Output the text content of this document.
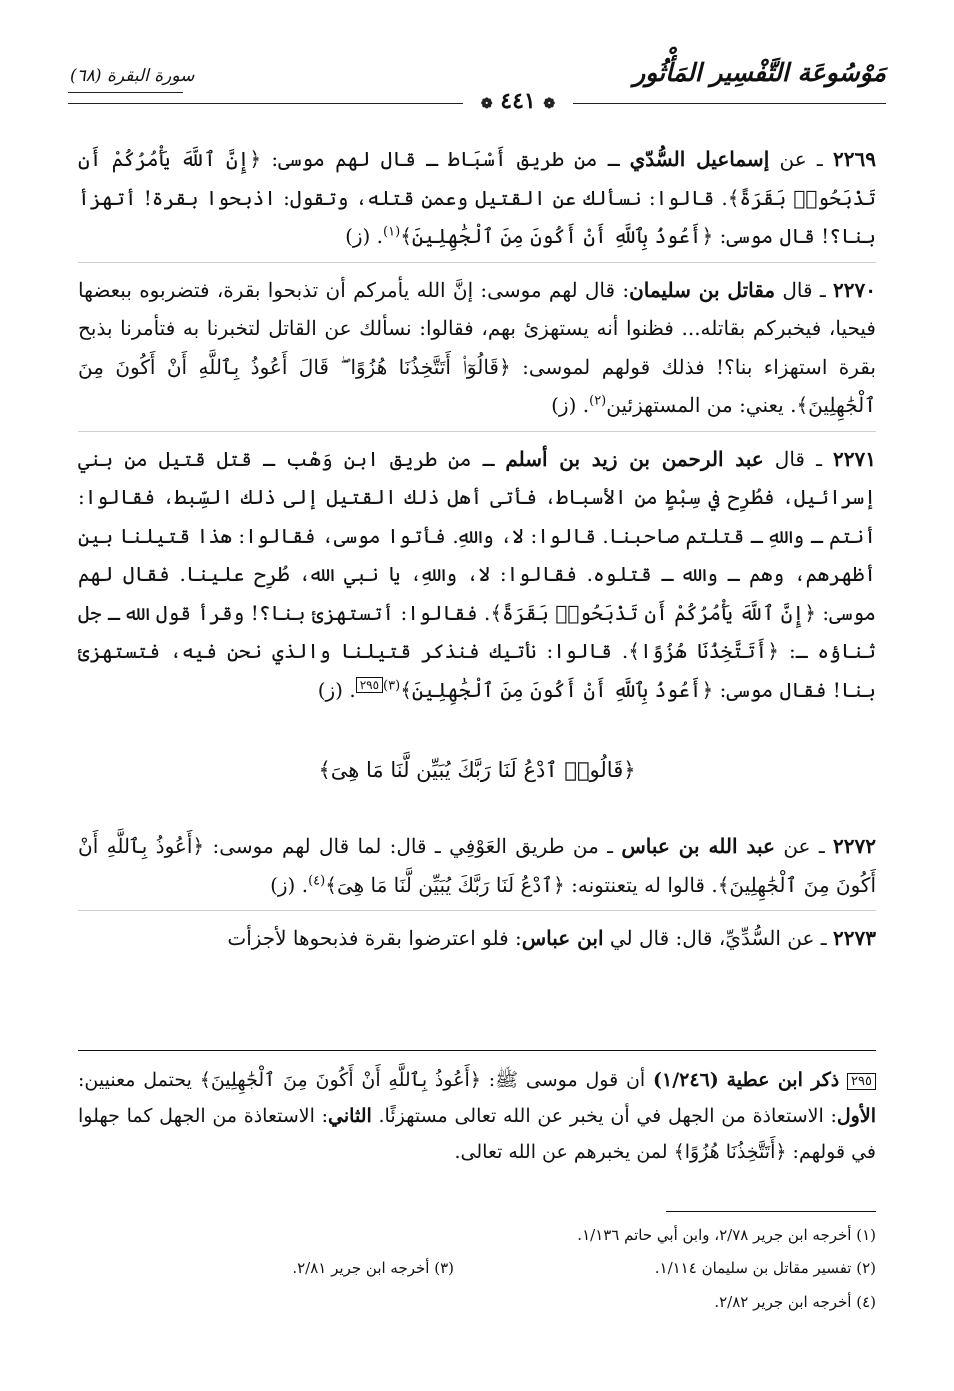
مَوْسُوعَة التَّفْسِير المَأْثُور
سورة البقرة (٦٨)
❁ ٤٤١ ❁

٢٢٦٩ ـ عن إسماعيل السُّدّي ـ من طريق أَسْبَاط ـ قال لهم موسى: ﴿إِنَّ ٱللَّهَ يَأْمُرُكُمْ أَن تَذْبَحُوا۟ بَقَرَةً﴾. قالوا: نسألك عن القتيل وعمن قتله، وتقول: اذبحوا بقرة! أتهزأ بنا؟! قال موسى: ﴿أَعُوذُ بِٱللَّهِ أَنْ أَكُونَ مِنَ ٱلْجَٰهِلِينَ﴾$^{(١)}$. (ز)

٢٢٧٠ ـ قال مقاتل بن سليمان: قال لهم موسى: إنَّ الله يأمركم أن تذبحوا بقرة، فتضربوه ببعضها فيحيا، فيخبركم بقاتله... فظنوا أنه يستهزئ بهم، فقالوا: نسألك عن القاتل لتخبرنا به فتأمرنا بذبح بقرة استهزاء بنا؟! فذلك قولهم لموسى: ﴿قَالُوٓا۟ أَتَتَّخِذُنَا هُزُوًا ۖ قَالَ أَعُوذُ بِٱللَّهِ أَنْ أَكُونَ مِنَ ٱلْجَٰهِلِينَ﴾. يعني: من المستهزئين$^{(٢)}$. (ز)

٢٢٧١ ـ قال عبد الرحمن بن زيد بن أسلم ـ من طريق ابن وَهْب ـ قتل قتيل من بني إسرائيل، فطُرِح في سِبْطٍ من الأسباط، فأتى أهل ذلك القتيل إلى ذلك السِّبط، فقالوا: أنتم ـ واللهِ ـ قتلتم صاحبنا. قالوا: لا، واللهِ. فأتوا موسى، فقالوا: هذا قتيلنا بين أظهرهم، وهم ـ والله ـ قتلوه. فقالوا: لا، واللهِ، يا نبي الله، طُرِح علينا. فقال لهم موسى: ﴿إِنَّ ٱللَّهَ يَأْمُرُكُمْ أَن تَذْبَحُوا۟ بَقَرَةً﴾. فقالوا: أتستهزئ بنا؟! وقرأ قول الله ـ جل ثناؤه ـ: ﴿أَتَتَّخِذُنَا هُزُوًا﴾. قالوا: نأتيك فنذكر قتيلنا والذي نحن فيه، فتستهزئ بنا! فقال موسى: ﴿أَعُوذُ بِٱللَّهِ أَنْ أَكُونَ مِنَ ٱلْجَٰهِلِينَ﴾$^{(٣)}$٢٩٥. (ز)

﴿قَالُوا۟ ٱدْعُ لَنَا رَبَّكَ يُبَيِّن لَّنَا مَا هِىَ﴾

٢٢٧٢ ـ عن عبد الله بن عباس ـ من طريق العَوْفِي ـ قال: لما قال لهم موسى: ﴿أَعُوذُ بِٱللَّهِ أَنْ أَكُونَ مِنَ ٱلْجَٰهِلِينَ﴾. قالوا له يتعنتونه: ﴿ٱدْعُ لَنَا رَبَّكَ يُبَيِّن لَّنَا مَا هِىَ﴾$^{(٤)}$. (ز)

٢٢٧٣ ـ عن السُّدِّيِّ، قال: قال لي ابن عباس: فلو اعترضوا بقرة فذبحوها لأجزأت

٢٩٥ ذكر ابن عطية (١/٢٤٦) أن قول موسى ﷺ: ﴿أَعُوذُ بِٱللَّهِ أَنْ أَكُونَ مِنَ ٱلْجَٰهِلِينَ﴾ يحتمل معنيين: الأول: الاستعاذة من الجهل في أن يخبر عن الله تعالى مستهزئًا. الثاني: الاستعاذة من الجهل كما جهلوا في قولهم: ﴿أَتَتَّخِذُنَا هُزُوًا﴾ لمن يخبرهم عن الله تعالى.
(١) أخرجه ابن جرير ٢/٧٨، وابن أبي حاتم ١/١٣٦.
(٢) تفسير مقاتل بن سليمان ١/١١٤.
(٣) أخرجه ابن جرير ٢/٨١.
(٤) أخرجه ابن جرير ٢/٨٢.
